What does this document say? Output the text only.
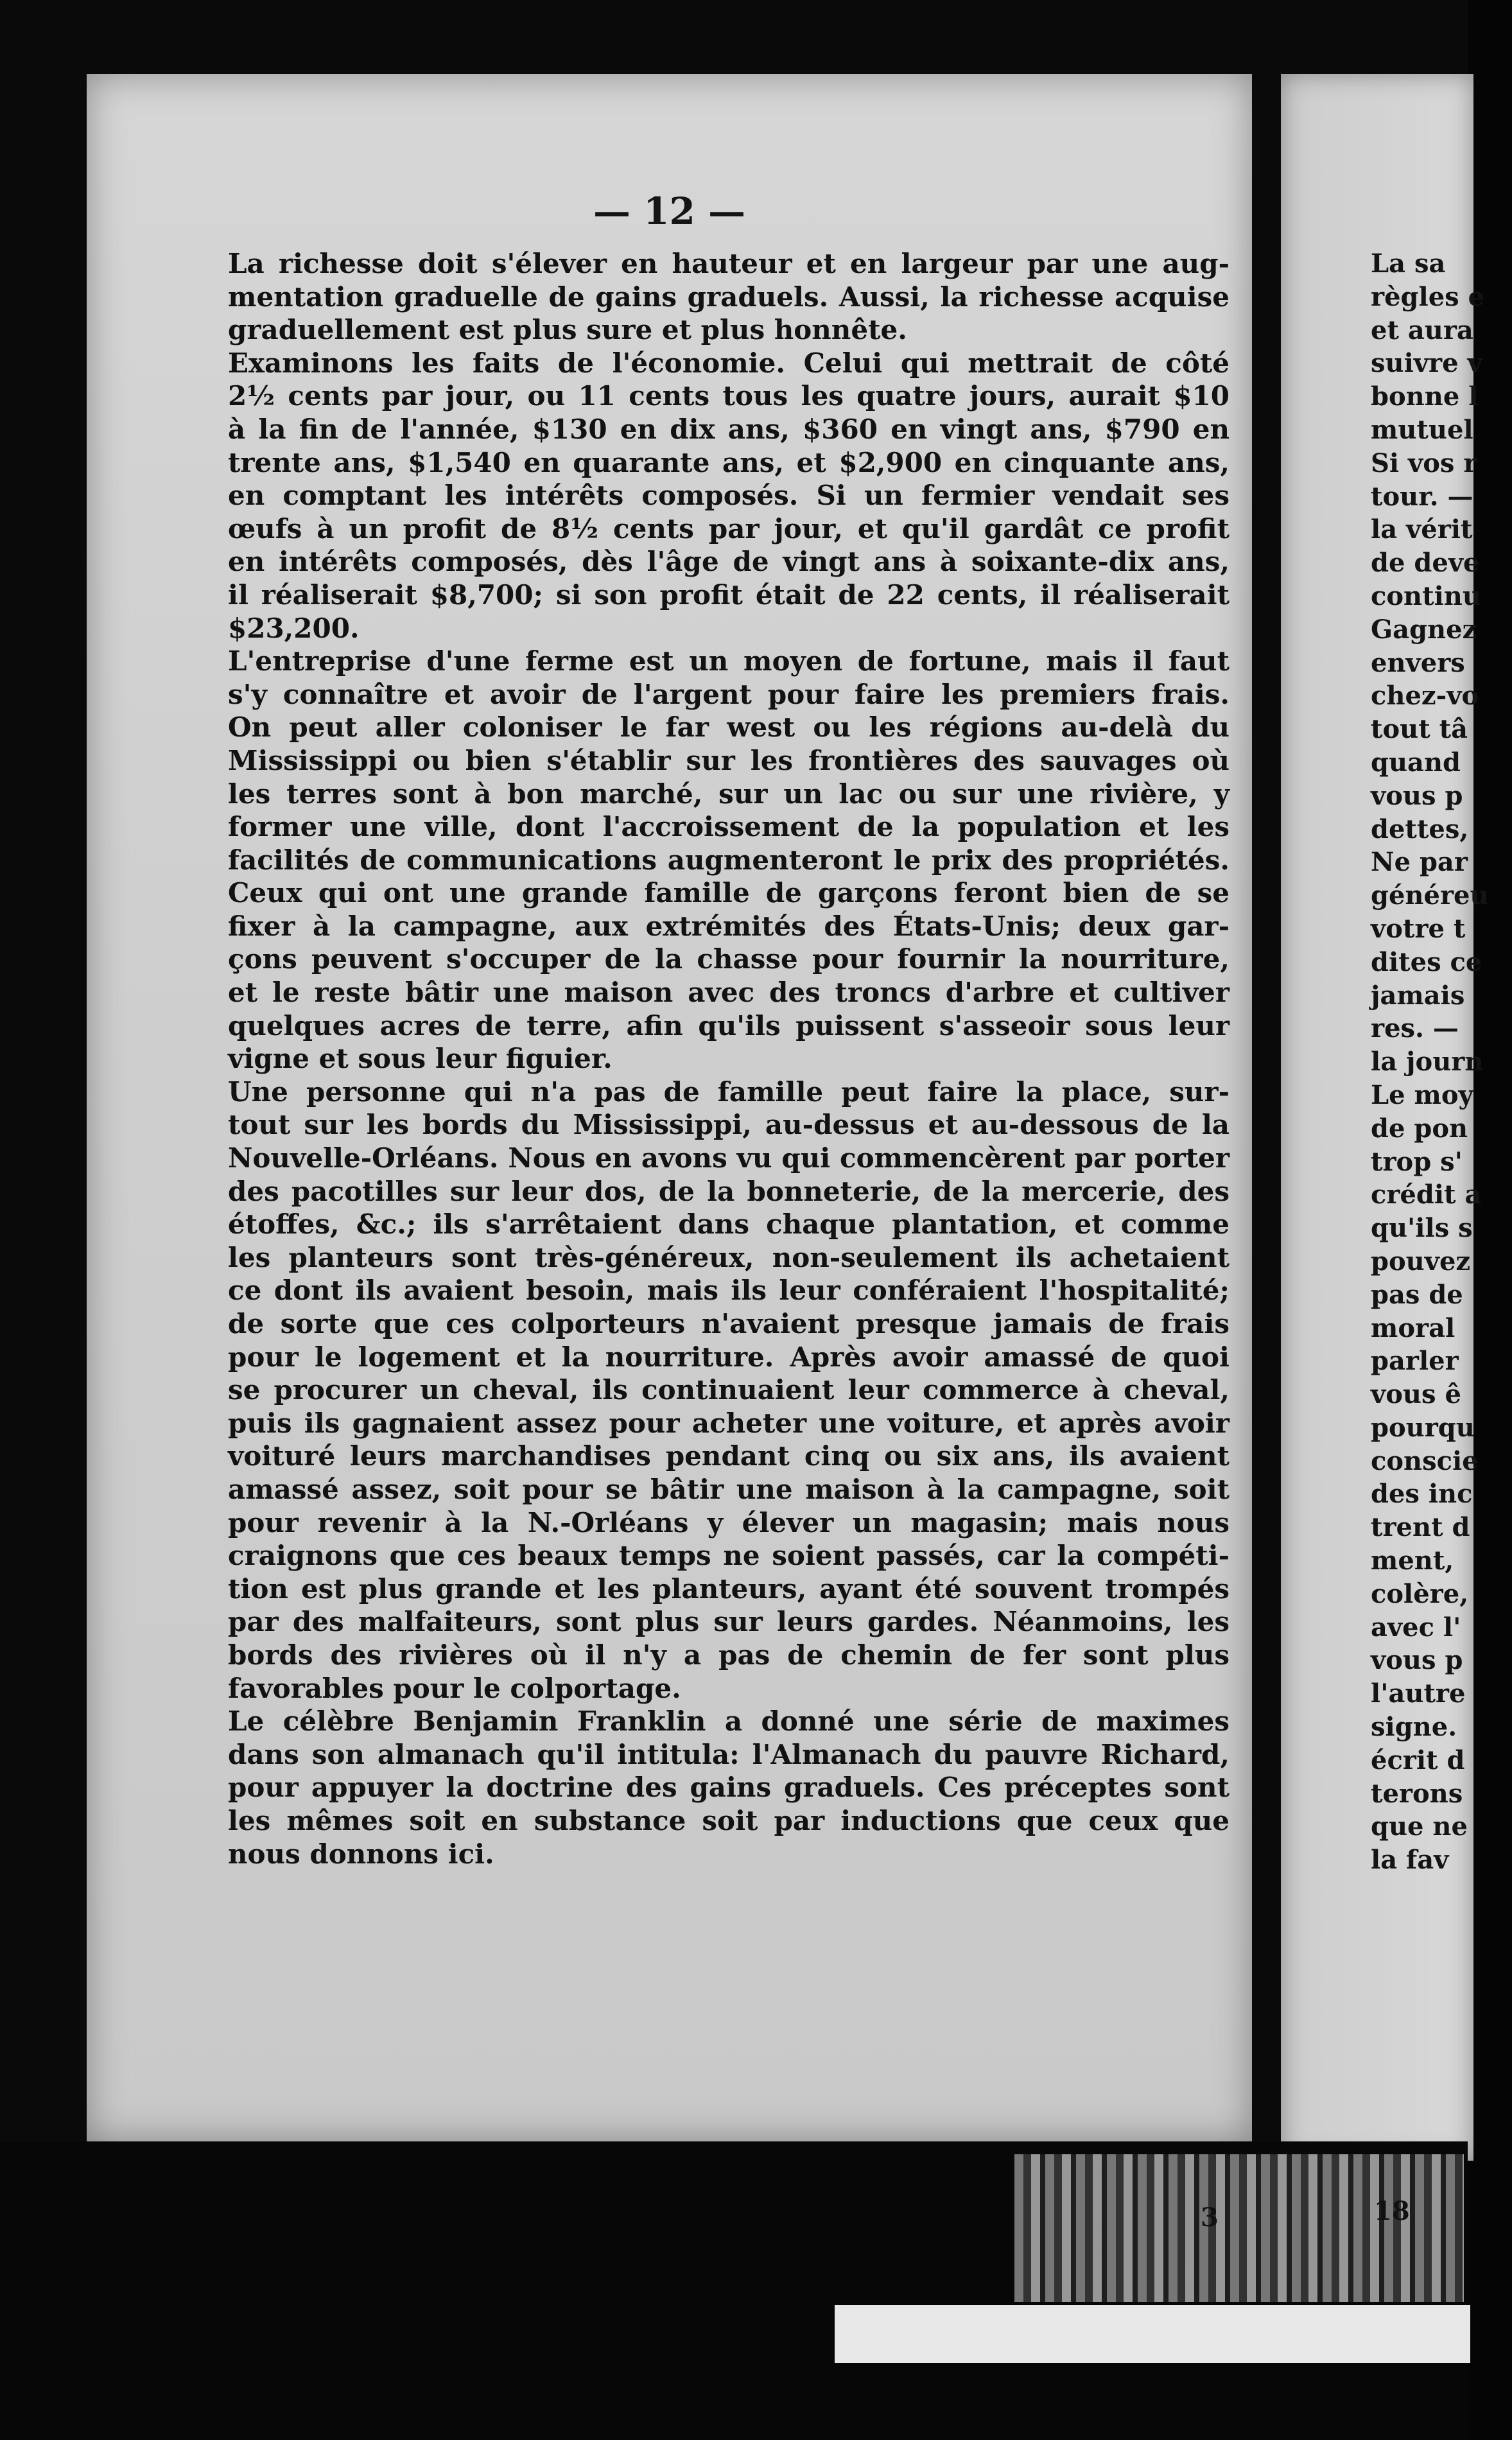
— 12 —
La richesse doit s'élever en hauteur et en largeur par une aug-
mentation graduelle de gains graduels. Aussi, la richesse acquise
graduellement est plus sure et plus honnête.
Examinons les faits de l'économie. Celui qui mettrait de côté
2½ cents par jour, ou 11 cents tous les quatre jours, aurait $10
à la fin de l'année, $130 en dix ans, $360 en vingt ans, $790 en
trente ans, $1,540 en quarante ans, et $2,900 en cinquante ans,
en comptant les intérêts composés. Si un fermier vendait ses
œufs à un profit de 8½ cents par jour, et qu'il gardât ce profit
en intérêts composés, dès l'âge de vingt ans à soixante-dix ans,
il réaliserait $8,700; si son profit était de 22 cents, il réaliserait
$23,200.
L'entreprise d'une ferme est un moyen de fortune, mais il faut
s'y connaître et avoir de l'argent pour faire les premiers frais.
On peut aller coloniser le far west ou les régions au-delà du
Mississippi ou bien s'établir sur les frontières des sauvages où
les terres sont à bon marché, sur un lac ou sur une rivière, y
former une ville, dont l'accroissement de la population et les
facilités de communications augmenteront le prix des propriétés.
Ceux qui ont une grande famille de garçons feront bien de se
fixer à la campagne, aux extrémités des États-Unis; deux gar-
çons peuvent s'occuper de la chasse pour fournir la nourriture,
et le reste bâtir une maison avec des troncs d'arbre et cultiver
quelques acres de terre, afin qu'ils puissent s'asseoir sous leur
vigne et sous leur figuier.
Une personne qui n'a pas de famille peut faire la place, sur-
tout sur les bords du Mississippi, au-dessus et au-dessous de la
Nouvelle-Orléans. Nous en avons vu qui commencèrent par porter
des pacotilles sur leur dos, de la bonneterie, de la mercerie, des
étoffes, &c.; ils s'arrêtaient dans chaque plantation, et comme
les planteurs sont très-généreux, non-seulement ils achetaient
ce dont ils avaient besoin, mais ils leur conféraient l'hospitalité;
de sorte que ces colporteurs n'avaient presque jamais de frais
pour le logement et la nourriture. Après avoir amassé de quoi
se procurer un cheval, ils continuaient leur commerce à cheval,
puis ils gagnaient assez pour acheter une voiture, et après avoir
voituré leurs marchandises pendant cinq ou six ans, ils avaient
amassé assez, soit pour se bâtir une maison à la campagne, soit
pour revenir à la N.-Orléans y élever un magasin; mais nous
craignons que ces beaux temps ne soient passés, car la compéti-
tion est plus grande et les planteurs, ayant été souvent trompés
par des malfaiteurs, sont plus sur leurs gardes. Néanmoins, les
bords des rivières où il n'y a pas de chemin de fer sont plus
favorables pour le colportage.
Le célèbre Benjamin Franklin a donné une série de maximes
dans son almanach qu'il intitula: l'Almanach du pauvre Richard,
pour appuyer la doctrine des gains graduels. Ces préceptes sont
les mêmes soit en substance soit par inductions que ceux que
nous donnons ici.
La sa
règles e
et aura
suivre v
bonne l
mutuel
Si vos r
tour. —
la vérit
de deve
continu
Gagnez
envers
chez-vo
tout tâ
quand
vous p
dettes,
Ne par
généreu
votre t
dites ce
jamais
res. —
la journ
Le moy
de pon
trop s'
crédit a
qu'ils s
pouvez
pas de
moral
parler
vous ê
pourqu
conscie
des inc
trent d
ment,
colère,
avec l'
vous p
l'autre
signe.
écrit d
terons
que ne
la fav
3	18
